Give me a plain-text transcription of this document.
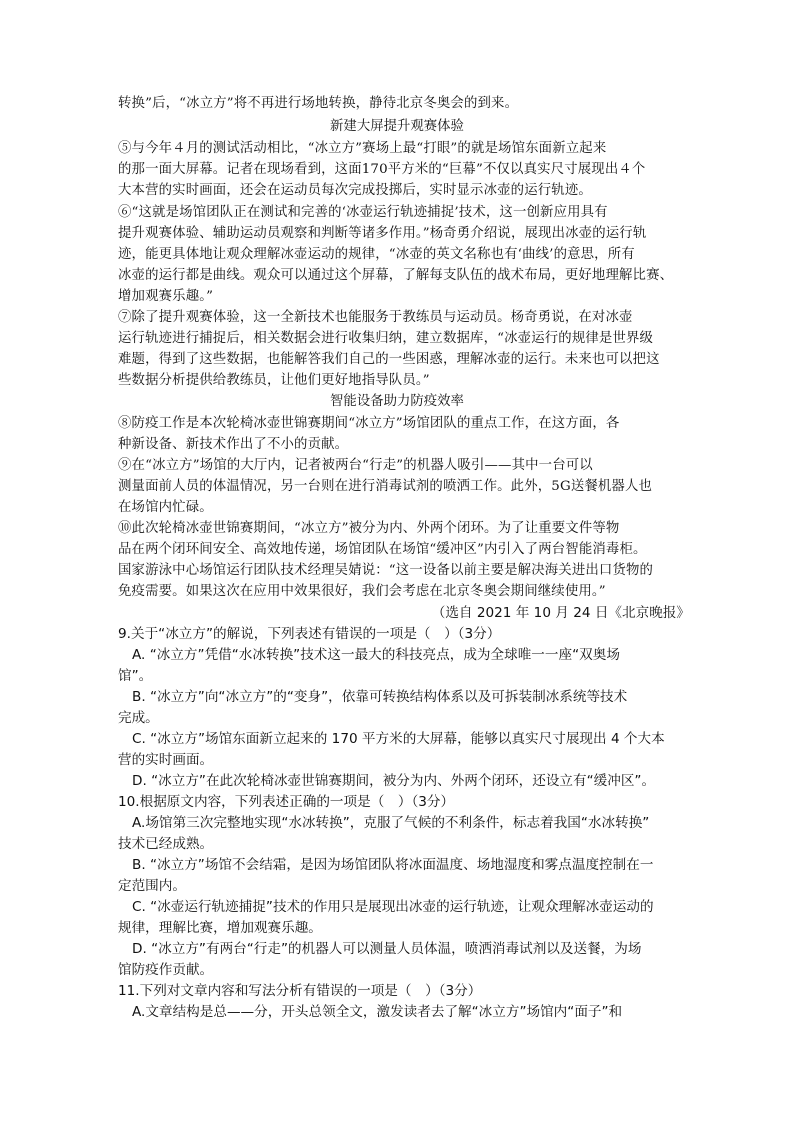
转换”后，“冰立方”将不再进行场地转换，静待北京冬奥会的到来。
新建大屏提升观赛体验
⑤与今年４月的测试活动相比，“冰立方”赛场上最“打眼”的就是场馆东面新立起来
的那一面大屏幕。记者在现场看到，这面170平方米的“巨幕”不仅以真实尺寸展现出４个
大本营的实时画面，还会在运动员每次完成投掷后，实时显示冰壶的运行轨迹。
⑥“这就是场馆团队正在测试和完善的‘冰壶运行轨迹捕捉’技术，这一创新应用具有
提升观赛体验、辅助运动员观察和判断等诸多作用。”杨奇勇介绍说，展现出冰壶的运行轨
迹，能更具体地让观众理解冰壶运动的规律，“冰壶的英文名称也有‘曲线’的意思，所有
冰壶的运行都是曲线。观众可以通过这个屏幕，了解每支队伍的战术布局，更好地理解比赛、
增加观赛乐趣。”
⑦除了提升观赛体验，这一全新技术也能服务于教练员与运动员。杨奇勇说，在对冰壶
运行轨迹进行捕捉后，相关数据会进行收集归纳，建立数据库，“冰壶运行的规律是世界级
难题，得到了这些数据，也能解答我们自己的一些困惑，理解冰壶的运行。未来也可以把这
些数据分析提供给教练员，让他们更好地指导队员。”
智能设备助力防疫效率
⑧防疫工作是本次轮椅冰壶世锦赛期间“冰立方”场馆团队的重点工作，在这方面，各
种新设备、新技术作出了不小的贡献。
⑨在“冰立方”场馆的大厅内，记者被两台“行走”的机器人吸引——其中一台可以
测量面前人员的体温情况，另一台则在进行消毒试剂的喷洒工作。此外，5G送餐机器人也
在场馆内忙碌。
⑩此次轮椅冰壶世锦赛期间，“冰立方”被分为内、外两个闭环。为了让重要文件等物
品在两个闭环间安全、高效地传递，场馆团队在场馆“缓冲区”内引入了两台智能消毒柜。
国家游泳中心场馆运行团队技术经理吴婧说：“这一设备以前主要是解决海关进出口货物的
免疫需要。如果这次在应用中效果很好，我们会考虑在北京冬奥会期间继续使用。”
（选自 2021 年 10 月 24 日《北京晚报》
9.关于“冰立方”的解说，下列表述有错误的一项是（　）（3分）
A. “冰立方”凭借“水冰转换”技术这一最大的科技亮点，成为全球唯一一座“双奥场
馆”。
B. “冰立方”向“冰立方”的“变身”，依靠可转换结构体系以及可拆装制冰系统等技术
完成。
C. “冰立方”场馆东面新立起来的 170 平方米的大屏幕，能够以真实尺寸展现出 4 个大本
营的实时画面。
D. “冰立方”在此次轮椅冰壶世锦赛期间，被分为内、外两个闭环，还设立有“缓冲区”。
10.根据原文内容，下列表述正确的一项是（　）（3分）
A.场馆第三次完整地实现“水冰转换”，克服了气候的不利条件，标志着我国“水冰转换”
技术已经成熟。
B. “冰立方”场馆不会结霜，是因为场馆团队将冰面温度、场地湿度和雾点温度控制在一
定范围内。
C. “冰壶运行轨迹捕捉”技术的作用只是展现出冰壶的运行轨迹，让观众理解冰壶运动的
规律，理解比赛，增加观赛乐趣。
D. “冰立方”有两台“行走”的机器人可以测量人员体温，喷洒消毒试剂以及送餐，为场
馆防疫作贡献。
11.下列对文章内容和写法分析有错误的一项是（　）（3分）
A.文章结构是总——分，开头总领全文，激发读者去了解“冰立方”场馆内“面子”和
